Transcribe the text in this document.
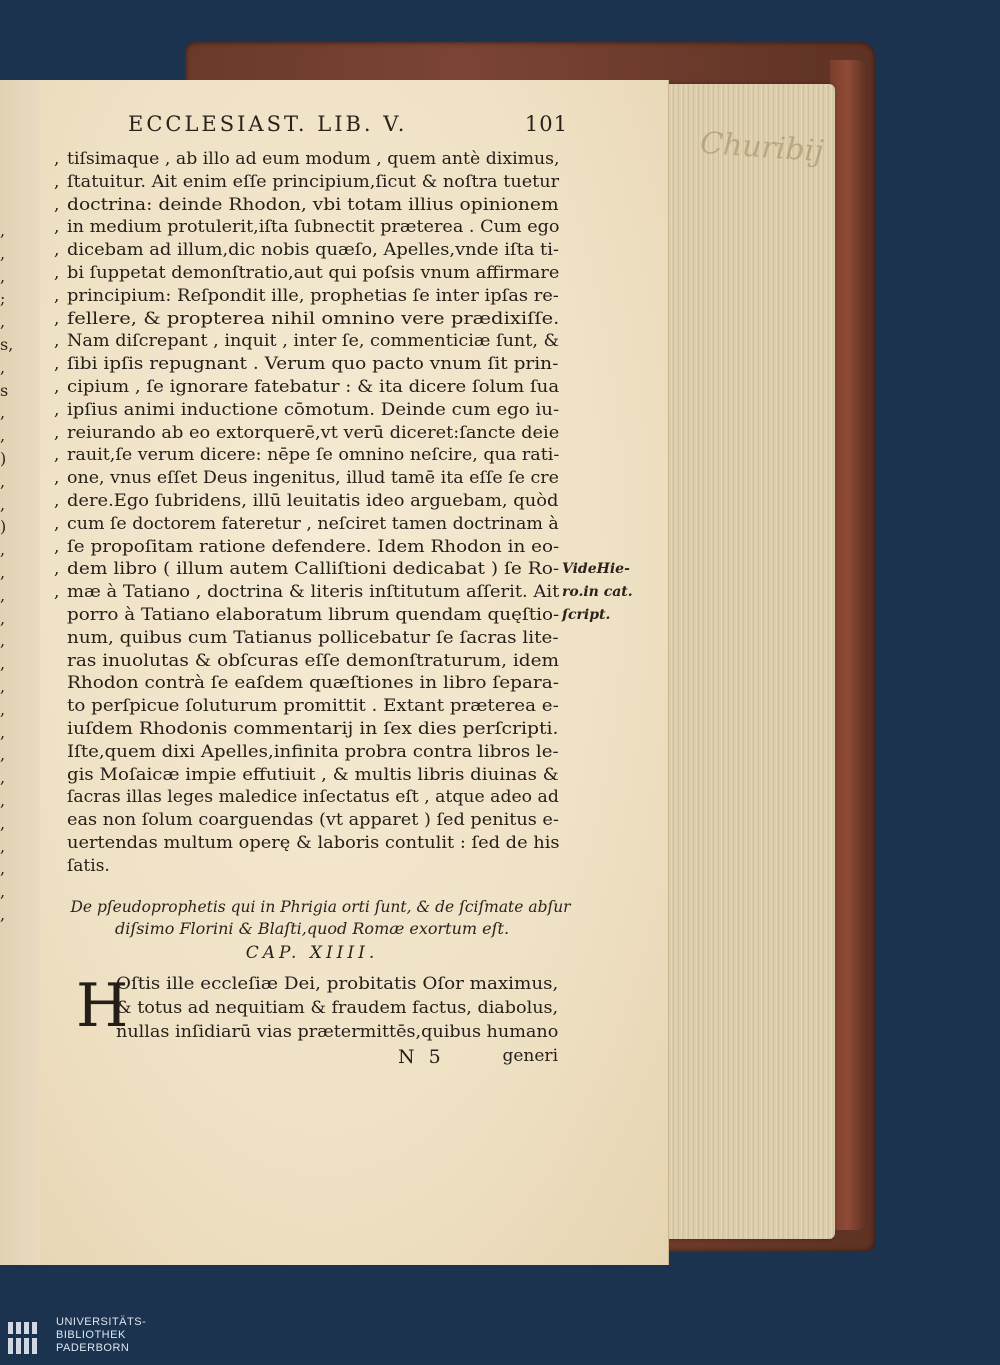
Churibij
,
,
,
;
,
s,
,
s
,
,
)
,
,
)
,
,
,
,
,
,
,
,
,
,
,
,
,
,
,
,
,
ECCLESIAST. LIB. V.	101
, tiſsimaque , ab illo ad eum modum , quem antè diximus,
, ſtatuitur. Ait enim eſſe principium,ſicut & noſtra tuetur
, doctrina: deinde Rhodon, vbi totam illius opinionem
, in medium protulerit,iſta ſubnectit prætereа . Cum ego
, dicebam ad illum,dic nobis quæſo, Apelles,vnde iſta ti-
, bi ſuppetat demonſtratio,aut qui poſsis vnum affirmare
, principium: Reſpondit ille, prophetias ſe inter ipſas re-
, fellere, & propterea nihil omnino vere prædixiſſe.
, Nam diſcrepant , inquit , inter ſe, commenticiæ ſunt, &
, ſibi ipſis repugnant . Verum quo pacto vnum ſit prin-
, cipium , ſe ignorare fatebatur : & ita dicere ſolum ſua
, ipſius animi inductione cōmotum. Deinde cum ego iu-
, reiurando ab eo extorquerē,vt verū diceret:ſancte deie
, rauit,ſe verum dicere: nēpe ſe omnino neſcire, qua rati-
, one, vnus eſſet Deus ingenitus, illud tamē ita eſſe ſe cre
, dere.Ego ſubridens, illū leuitatis ideo arguebam, quòd
, cum ſe doctorem fateretur , neſciret tamen doctrinam à
, ſe propoſitam ratione defendere. Idem Rhodon in eo-
, dem libro ( illum autem Calliſtioni dedicabat ) ſe Ro-
, mæ à Tatiano , doctrina & literis inſtitutum aſſerit. Ait
porro à Tatiano elaboratum librum quendam quęſtio-
num, quibus cum Tatianus pollicebatur ſe ſacras lite-
ras inuolutas & obſcuras eſſe demonſtraturum, idem
Rhodon contrà ſe eaſdem quæſtiones in libro ſepara-
to perſpicue ſoluturum promittit . Extant prætereа e-
iuſdem Rhodonis commentarij in ſex dies perſcripti.
Iſte,quem dixi Apelles,infinita probra contra libros le-
gis Moſaicæ impie effutiuit , & multis libris diuinas &
ſacras illas leges maledice inſectatus eſt , atque adeo ad
eas non ſolum coarguendas (vt apparet ) ſed penitus e-
uertendas multum operę & laboris contulit : ſed de his
ſatis.
VideHie-
ro.in cat.
ſcript.
De pſeudoprophetis qui in Phrigia orti ſunt, & de ſciſmate abſur
diſsimo Florini & Blaſti,quod Romæ exortum eſt.
CAP. XIIII.
H
Oſtis ille eccleſiæ Dei, probitatis Oſor maximus,
& totus ad nequitiam & fraudem factus, diabolus,
nullas inſidiarū vias prætermittēs,quibus humano
N 5	generi
UNIVERSITÄTS-
BIBLIOTHEK
PADERBORN
